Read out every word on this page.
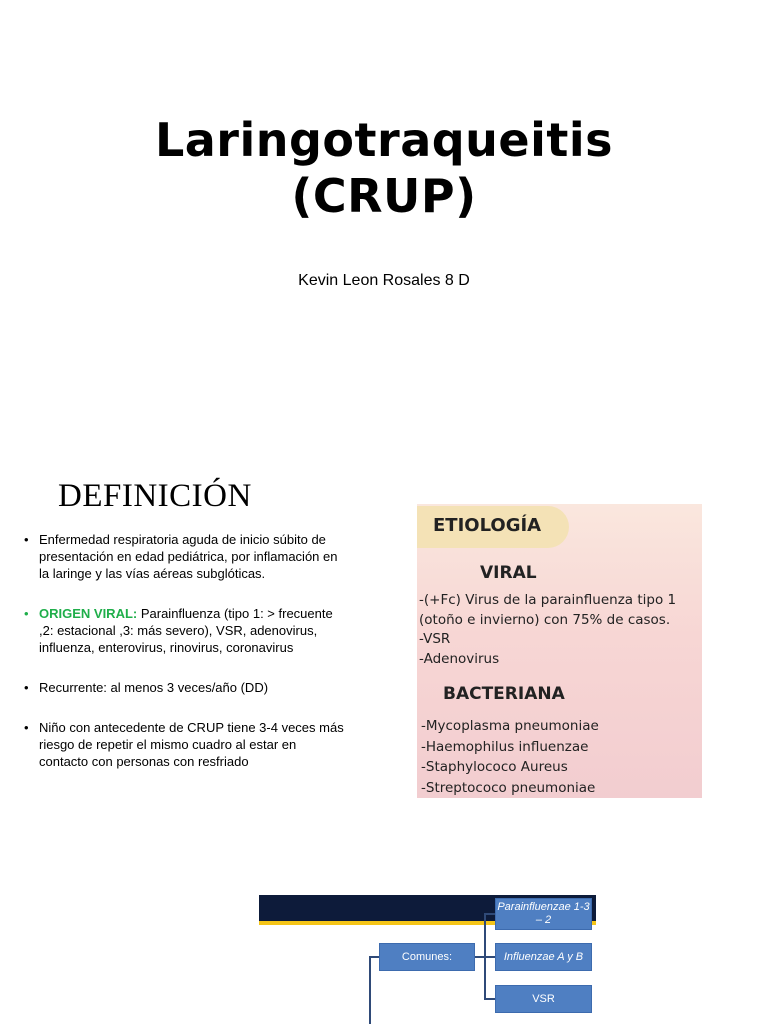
Laringotraqueitis
(CRUP)
Kevin Leon Rosales 8 D
DEFINICIÓN
• Enfermedad respiratoria aguda de inicio súbito de presentación en edad pediátrica, por inflamación en la laringe y las vías aéreas subglóticas.
• ORIGEN VIRAL: Parainfluenza (tipo 1: > frecuente ,2: estacional ,3: más severo), VSR, adenovirus, influenza, enterovirus, rinovirus, coronavirus
• Recurrente: al menos 3 veces/año (DD)
• Niño con antecedente de CRUP tiene 3-4 veces más riesgo de repetir el mismo cuadro al estar en contacto con personas con resfriado
ETIOLOGÍA
VIRAL
-(+Fc) Virus de la parainfluenza tipo 1
(otoño e invierno) con 75% de casos.
-VSR
-Adenovirus
BACTERIANA
-Mycoplasma pneumoniae
-Haemophilus influenzae
-Staphylococo Aureus
-Streptococo pneumoniae
Comunes:
Parainfluenzae 1-3 – 2
Influenzae A y B
VSR
